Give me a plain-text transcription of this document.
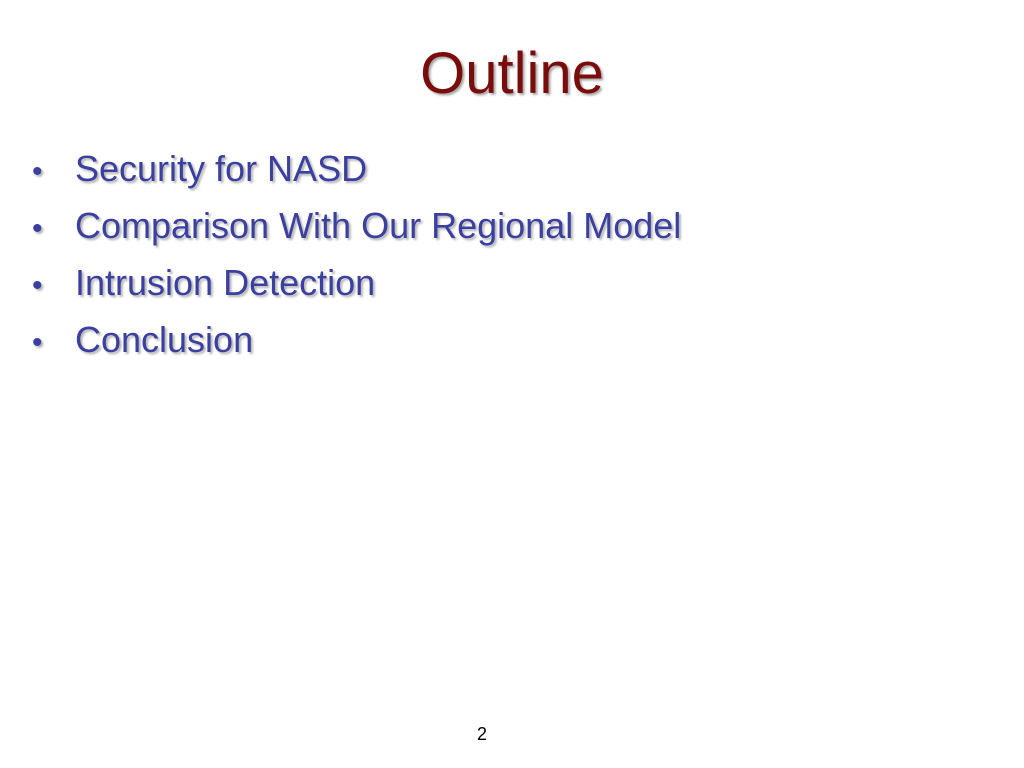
Outline
• Security for NASD
• Comparison With Our Regional Model
• Intrusion Detection
• Conclusion
2
